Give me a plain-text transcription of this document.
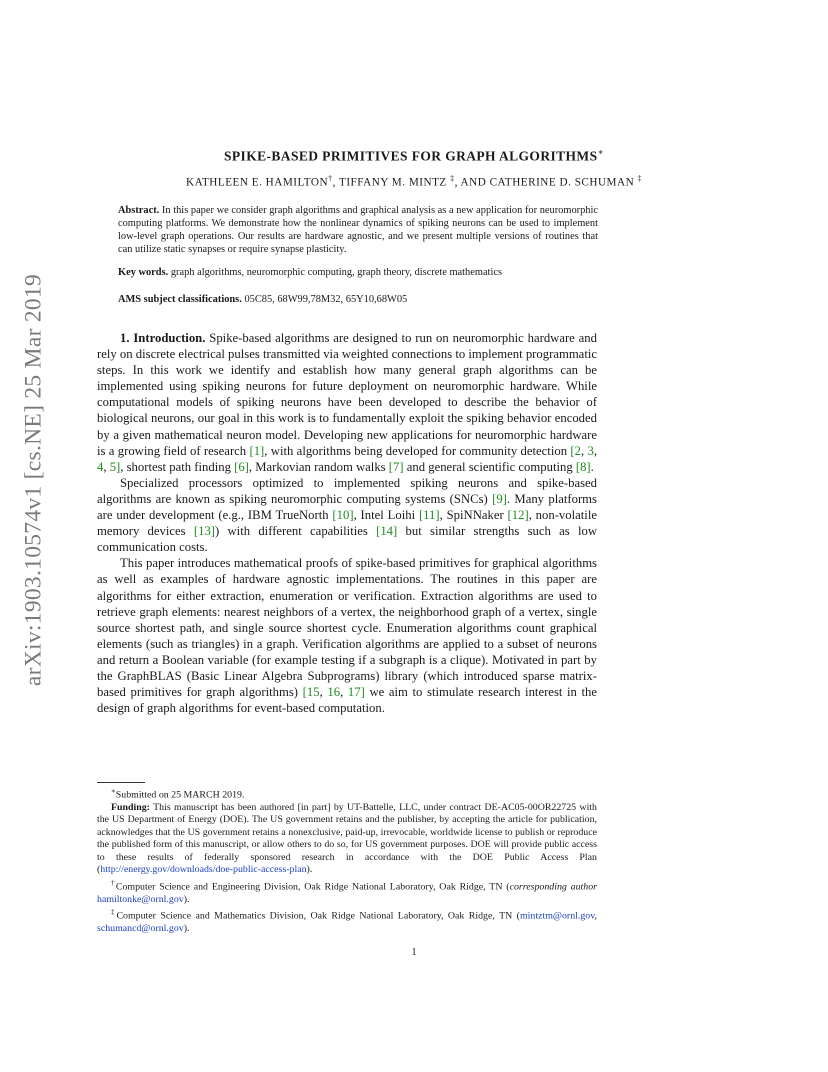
arXiv:1903.10574v1 [cs.NE] 25 Mar 2019
SPIKE-BASED PRIMITIVES FOR GRAPH ALGORITHMS∗
KATHLEEN E. HAMILTON†, TIFFANY M. MINTZ ‡, AND CATHERINE D. SCHUMAN ‡
Abstract. In this paper we consider graph algorithms and graphical analysis as a new application for neuromorphic computing platforms. We demonstrate how the nonlinear dynamics of spiking neurons can be used to implement low-level graph operations. Our results are hardware agnostic, and we present multiple versions of routines that can utilize static synapses or require synapse plasticity.
Key words. graph algorithms, neuromorphic computing, graph theory, discrete mathematics
AMS subject classifications. 05C85, 68W99,78M32, 65Y10,68W05

1. Introduction. Spike-based algorithms are designed to run on neuromorphic hardware and rely on discrete electrical pulses transmitted via weighted connections to implement programmatic steps. In this work we identify and establish how many general graph algorithms can be implemented using spiking neurons for future deployment on neuromorphic hardware. While computational models of spiking neurons have been developed to describe the behavior of biological neurons, our goal in this work is to fundamentally exploit the spiking behavior encoded by a given mathematical neuron model. Developing new applications for neuromorphic hardware is a growing field of research [1], with algorithms being developed for community detection [2, 3, 4, 5], shortest path finding [6], Markovian random walks [7] and general scientific computing [8].

Specialized processors optimized to implemented spiking neurons and spike-based algorithms are known as spiking neuromorphic computing systems (SNCs) [9]. Many platforms are under development (e.g., IBM TrueNorth [10], Intel Loihi [11], SpiNNaker [12], non-volatile memory devices [13]) with different capabilities [14] but similar strengths such as low communication costs.

This paper introduces mathematical proofs of spike-based primitives for graphical algorithms as well as examples of hardware agnostic implementations. The routines in this paper are algorithms for either extraction, enumeration or verification. Extraction algorithms are used to retrieve graph elements: nearest neighbors of a vertex, the neighborhood graph of a vertex, single source shortest path, and single source shortest cycle. Enumeration algorithms count graphical elements (such as triangles) in a graph. Verification algorithms are applied to a subset of neurons and return a Boolean variable (for example testing if a subgraph is a clique). Motivated in part by the GraphBLAS (Basic Linear Algebra Subprograms) library (which introduced sparse matrix-based primitives for graph algorithms) [15, 16, 17] we aim to stimulate research interest in the design of graph algorithms for event-based computation.

∗Submitted on 25 MARCH 2019.

Funding: This manuscript has been authored [in part] by UT-Battelle, LLC, under contract DE-AC05-00OR22725 with the US Department of Energy (DOE). The US government retains and the publisher, by accepting the article for publication, acknowledges that the US government retains a nonexclusive, paid-up, irrevocable, worldwide license to publish or reproduce the published form of this manuscript, or allow others to do so, for US government purposes. DOE will provide public access to these results of federally sponsored research in accordance with the DOE Public Access Plan (http://energy.gov/downloads/doe-public-access-plan).

†Computer Science and Engineering Division, Oak Ridge National Laboratory, Oak Ridge, TN (corresponding author hamiltonke@ornl.gov).

‡Computer Science and Mathematics Division, Oak Ridge National Laboratory, Oak Ridge, TN (mintztm@ornl.gov, schumancd@ornl.gov).

1
